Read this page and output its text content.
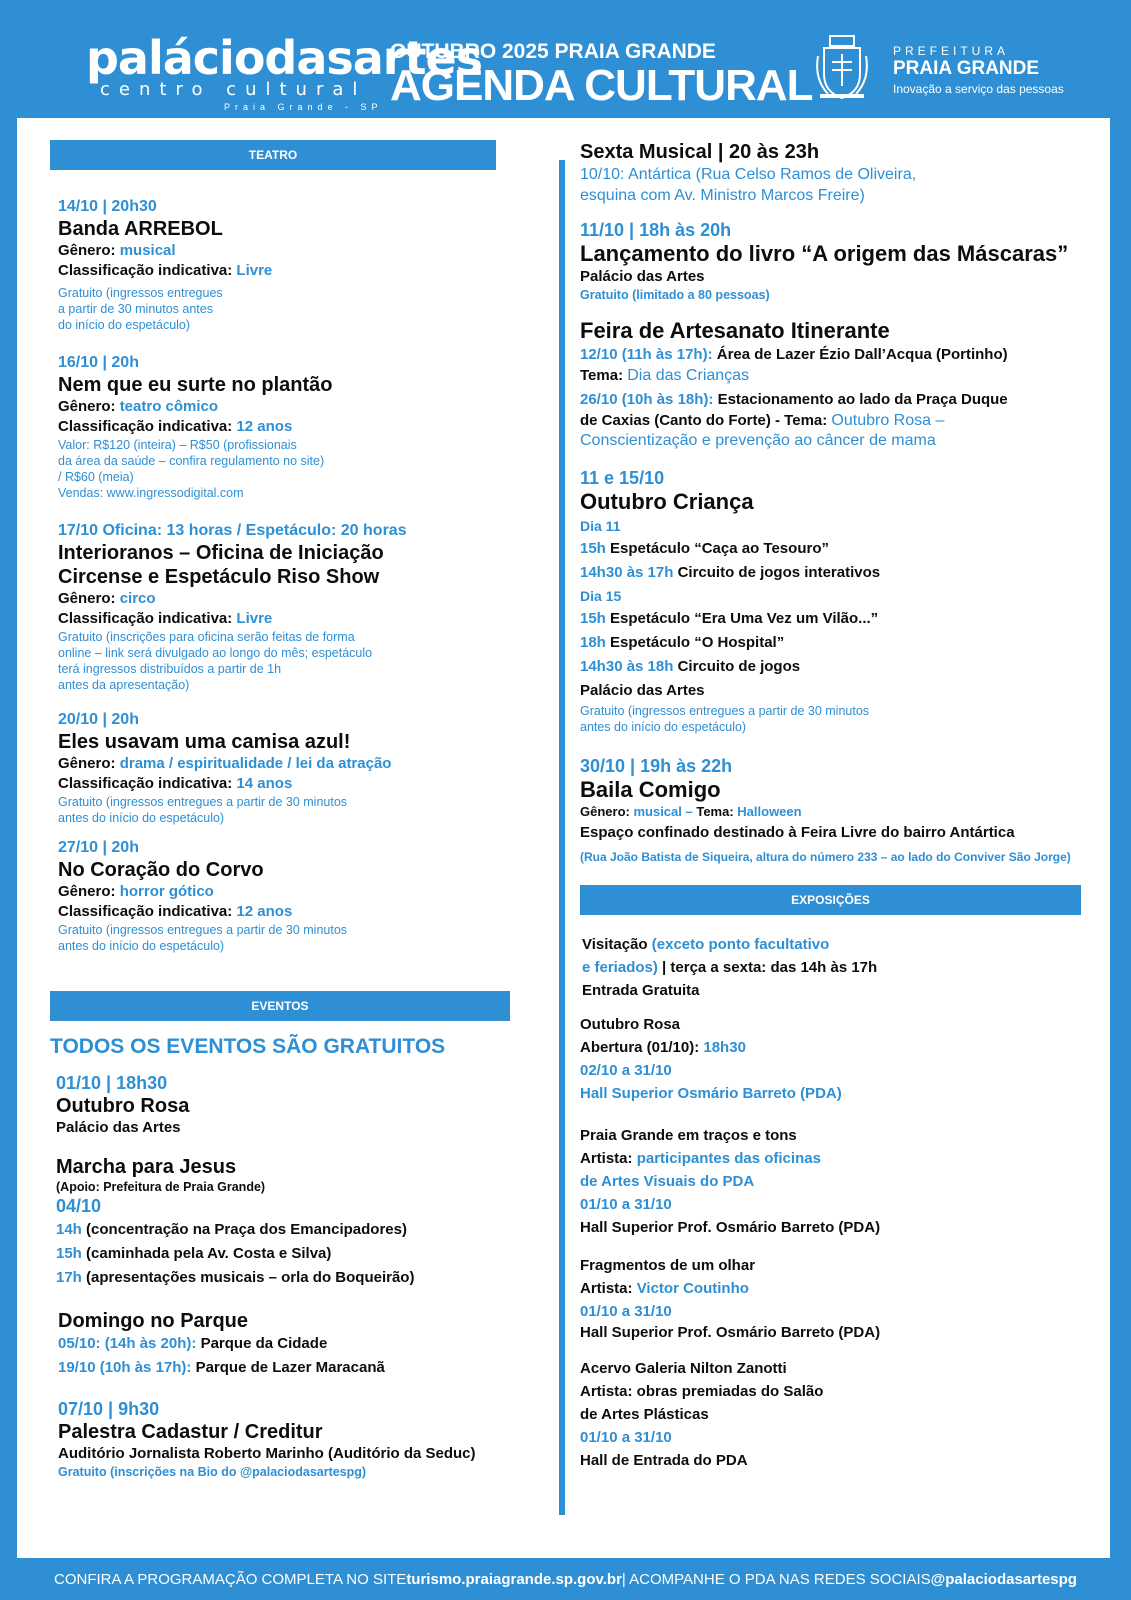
paláciodasartes
centro cultural
Praia Grande - SP
OUTUBRO 2025 PRAIA GRANDE
AGENDA CULTURAL
PREFEITURA
PRAIA GRANDE
Inovação a serviço das pessoas
TEATRO
14/10 | 20h30
Banda ARREBOL
Gênero: musical
Classificação indicativa: Livre
Gratuito (ingressos entregues
a partir de 30 minutos antes
do início do espetáculo)
16/10 | 20h
Nem que eu surte no plantão
Gênero: teatro cômico
Classificação indicativa: 12 anos
Valor: R$120 (inteira) – R$50 (profissionais
da área da saúde – confira regulamento no site)
/ R$60 (meia)
Vendas: www.ingressodigital.com
17/10 Oficina: 13 horas / Espetáculo: 20 horas
Interioranos – Oficina de Iniciação
Circense e Espetáculo Riso Show
Gênero: circo
Classificação indicativa: Livre
Gratuito (inscrições para oficina serão feitas de forma
online – link será divulgado ao longo do mês; espetáculo
terá ingressos distribuídos a partir de 1h
antes da apresentação)
20/10 | 20h
Eles usavam uma camisa azul!
Gênero: drama / espiritualidade / lei da atração
Classificação indicativa: 14 anos
Gratuito (ingressos entregues a partir de 30 minutos
antes do início do espetáculo)
27/10 | 20h
No Coração do Corvo
Gênero: horror gótico
Classificação indicativa: 12 anos
Gratuito (ingressos entregues a partir de 30 minutos
antes do início do espetáculo)
EVENTOS
TODOS OS EVENTOS SÃO GRATUITOS
01/10 | 18h30
Outubro Rosa
Palácio das Artes
Marcha para Jesus
(Apoio: Prefeitura de Praia Grande)
04/10
14h (concentração na Praça dos Emancipadores)
15h (caminhada pela Av. Costa e Silva)
17h (apresentações musicais – orla do Boqueirão)
Domingo no Parque
05/10: (14h às 20h): Parque da Cidade
19/10 (10h às 17h): Parque de Lazer Maracanã
07/10 | 9h30
Palestra Cadastur / Creditur
Auditório Jornalista Roberto Marinho (Auditório da Seduc)
Gratuito (inscrições na Bio do @palaciodasartespg)
Sexta Musical | 20 às 23h
10/10: Antártica (Rua Celso Ramos de Oliveira,
esquina com Av. Ministro Marcos Freire)
11/10 | 18h às 20h
Lançamento do livro “A origem das Máscaras”
Palácio das Artes
Gratuito (limitado a 80 pessoas)
Feira de Artesanato Itinerante
12/10 (11h às 17h): Área de Lazer Ézio Dall’Acqua (Portinho)
Tema: Dia das Crianças
26/10 (10h às 18h): Estacionamento ao lado da Praça Duque
de Caxias (Canto do Forte) - Tema: Outubro Rosa –
Conscientização e prevenção ao câncer de mama
11 e 15/10
Outubro Criança
Dia 11
15h Espetáculo “Caça ao Tesouro”
14h30 às 17h Circuito de jogos interativos
Dia 15
15h Espetáculo “Era Uma Vez um Vilão...”
18h Espetáculo “O Hospital”
14h30 às 18h Circuito de jogos
Palácio das Artes
Gratuito (ingressos entregues a partir de 30 minutos
antes do início do espetáculo)
30/10 | 19h às 22h
Baila Comigo
Gênero: musical – Tema: Halloween
Espaço confinado destinado à Feira Livre do bairro Antártica
(Rua João Batista de Siqueira, altura do número 233 – ao lado do Conviver São Jorge)
EXPOSIÇÕES
Visitação (exceto ponto facultativo
e feriados) | terça a sexta: das 14h às 17h
Entrada Gratuita
Outubro Rosa
Abertura (01/10): 18h30
02/10 a 31/10
Hall Superior Osmário Barreto (PDA)
Praia Grande em traços e tons
Artista: participantes das oficinas
de Artes Visuais do PDA
01/10 a 31/10
Hall Superior Prof. Osmário Barreto (PDA)
Fragmentos de um olhar
Artista: Victor Coutinho
01/10 a 31/10
Hall Superior Prof. Osmário Barreto (PDA)
Acervo Galeria Nilton Zanotti
Artista: obras premiadas do Salão
de Artes Plásticas
01/10 a 31/10
Hall de Entrada do PDA
CONFIRA A PROGRAMAÇÃO COMPLETA NO SITE turismo.praiagrande.sp.gov.br | ACOMPANHE O PDA NAS REDES SOCIAIS @palaciodasartespg
